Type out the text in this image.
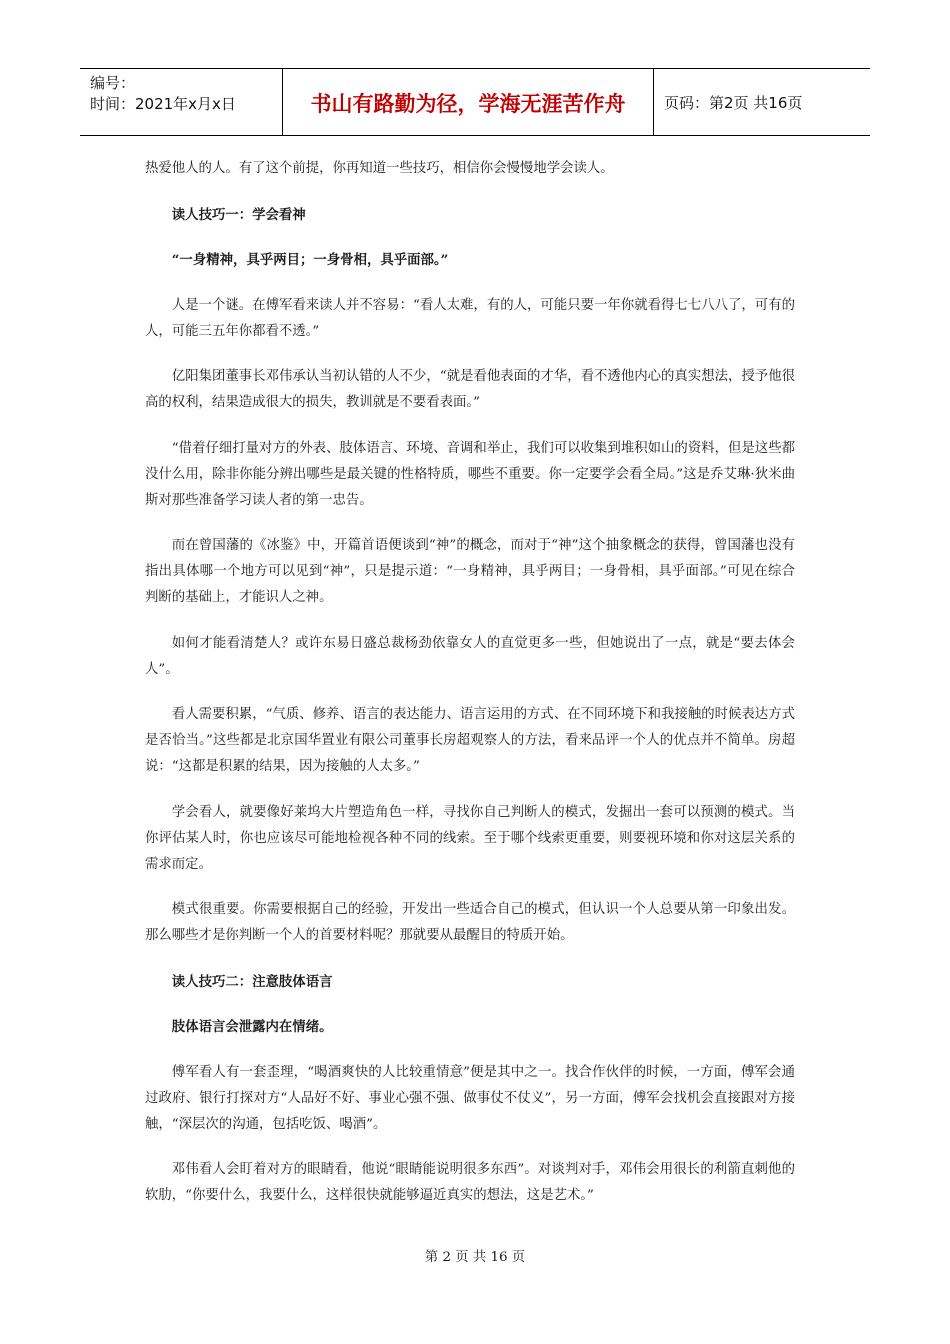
编号：
时间：2021年x月x日	书山有路勤为径，学海无涯苦作舟	页码：第2页 共16页

热爱他人的人。有了这个前提，你再知道一些技巧，相信你会慢慢地学会读人。

读人技巧一：学会看神

“一身精神，具乎两目；一身骨相，具乎面部。”

人是一个谜。在傅军看来读人并不容易：“看人太难，有的人，可能只要一年你就看得七七八八了，可有的人，可能三五年你都看不透。”

亿阳集团董事长邓伟承认当初认错的人不少，“就是看他表面的才华，看不透他内心的真实想法，授予他很高的权利，结果造成很大的损失，教训就是不要看表面。”

“借着仔细打量对方的外表、肢体语言、环境、音调和举止，我们可以收集到堆积如山的资料，但是这些都没什么用，除非你能分辨出哪些是最关键的性格特质，哪些不重要。你一定要学会看全局。”这是乔艾琳·狄米曲斯对那些准备学习读人者的第一忠告。

而在曾国藩的《冰鉴》中，开篇首语便谈到“神”的概念，而对于“神”这个抽象概念的获得，曾国藩也没有指出具体哪一个地方可以见到“神”，只是提示道：“一身精神，具乎两目；一身骨相，具乎面部。”可见在综合判断的基础上，才能识人之神。

如何才能看清楚人？或许东易日盛总裁杨劲依靠女人的直觉更多一些，但她说出了一点，就是“要去体会人”。

看人需要积累，“气质、修养、语言的表达能力、语言运用的方式、在不同环境下和我接触的时候表达方式是否恰当。”这些都是北京国华置业有限公司董事长房超观察人的方法，看来品评一个人的优点并不简单。房超说：“这都是积累的结果，因为接触的人太多。”

学会看人，就要像好莱坞大片塑造角色一样，寻找你自己判断人的模式，发掘出一套可以预测的模式。当你评估某人时，你也应该尽可能地检视各种不同的线索。至于哪个线索更重要，则要视环境和你对这层关系的需求而定。

模式很重要。你需要根据自己的经验，开发出一些适合自己的模式，但认识一个人总要从第一印象出发。那么哪些才是你判断一个人的首要材料呢？那就要从最醒目的特质开始。

读人技巧二：注意肢体语言

肢体语言会泄露内在情绪。

傅军看人有一套歪理，“喝酒爽快的人比较重情意”便是其中之一。找合作伙伴的时候，一方面，傅军会通过政府、银行打探对方“人品好不好、事业心强不强、做事仗不仗义”，另一方面，傅军会找机会直接跟对方接触，“深层次的沟通，包括吃饭、喝酒”。

邓伟看人会盯着对方的眼睛看，他说“眼睛能说明很多东西”。对谈判对手，邓伟会用很长的利箭直刺他的软肋，“你要什么，我要什么，这样很快就能够逼近真实的想法，这是艺术。”

第 2 页 共 16 页
